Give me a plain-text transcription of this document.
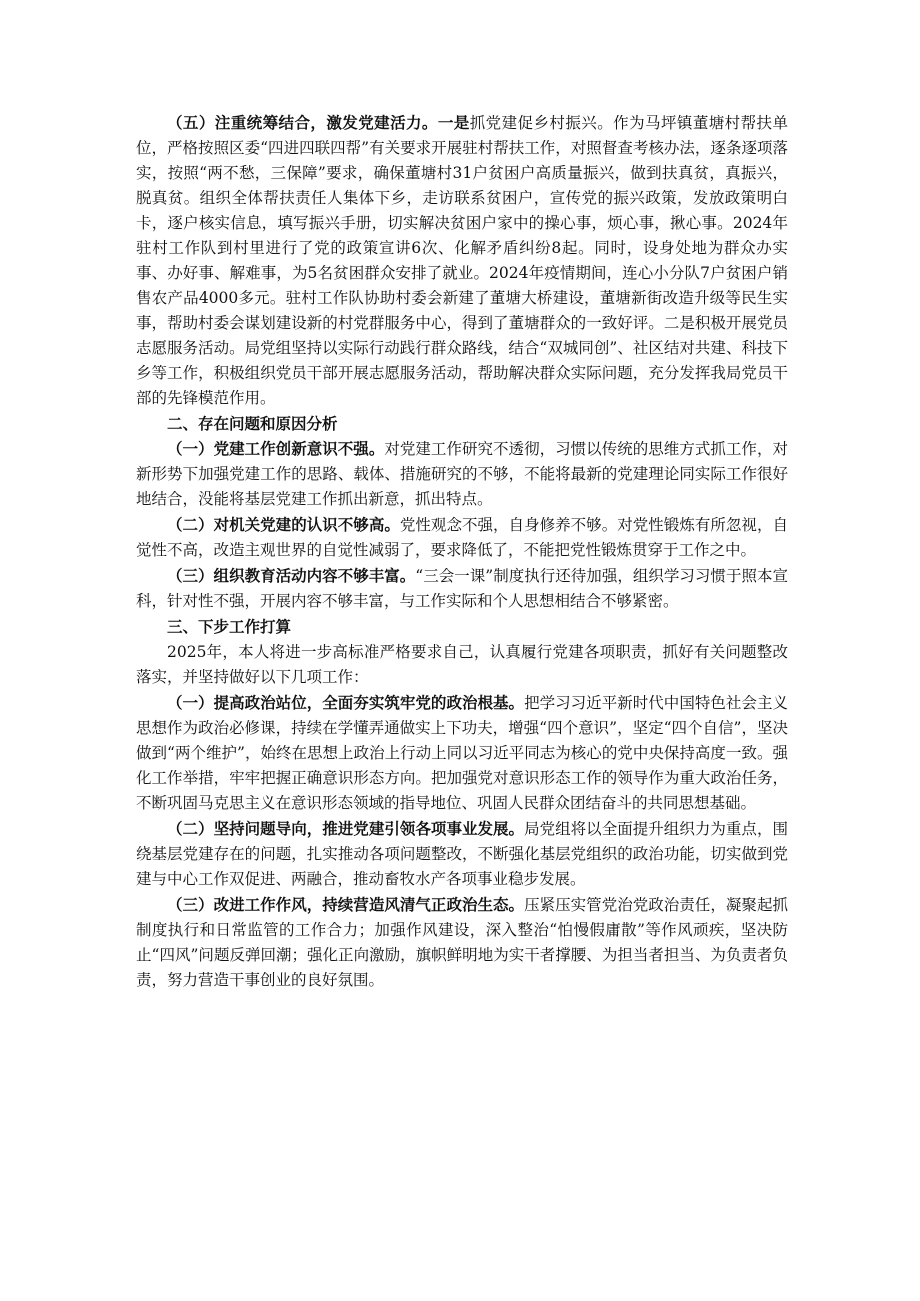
（五）注重统筹结合，激发党建活力。一是抓党建促乡村振兴。作为马坪镇董塘村帮扶单位，严格按照区委“四进四联四帮”有关要求开展驻村帮扶工作，对照督查考核办法，逐条逐项落实，按照“两不愁，三保障”要求，确保董塘村31户贫困户高质量振兴，做到扶真贫，真振兴，脱真贫。组织全体帮扶责任人集体下乡，走访联系贫困户，宣传党的振兴政策，发放政策明白卡，逐户核实信息，填写振兴手册，切实解决贫困户家中的操心事，烦心事，揪心事。2024年驻村工作队到村里进行了党的政策宣讲6次、化解矛盾纠纷8起。同时，设身处地为群众办实事、办好事、解难事，为5名贫困群众安排了就业。2024年疫情期间，连心小分队7户贫困户销售农产品4000多元。驻村工作队协助村委会新建了董塘大桥建设，董塘新街改造升级等民生实事，帮助村委会谋划建设新的村党群服务中心，得到了董塘群众的一致好评。二是积极开展党员志愿服务活动。局党组坚持以实际行动践行群众路线，结合“双城同创”、社区结对共建、科技下乡等工作，积极组织党员干部开展志愿服务活动，帮助解决群众实际问题，充分发挥我局党员干部的先锋模范作用。

二、存在问题和原因分析

（一）党建工作创新意识不强。对党建工作研究不透彻，习惯以传统的思维方式抓工作，对新形势下加强党建工作的思路、载体、措施研究的不够，不能将最新的党建理论同实际工作很好地结合，没能将基层党建工作抓出新意，抓出特点。

（二）对机关党建的认识不够高。党性观念不强，自身修养不够。对党性锻炼有所忽视，自觉性不高，改造主观世界的自觉性减弱了，要求降低了，不能把党性锻炼贯穿于工作之中。

（三）组织教育活动内容不够丰富。“三会一课”制度执行还待加强，组织学习习惯于照本宣科，针对性不强，开展内容不够丰富，与工作实际和个人思想相结合不够紧密。

三、下步工作打算

2025年，本人将进一步高标准严格要求自己，认真履行党建各项职责，抓好有关问题整改落实，并坚持做好以下几项工作：

（一）提高政治站位，全面夯实筑牢党的政治根基。把学习习近平新时代中国特色社会主义思想作为政治必修课，持续在学懂弄通做实上下功夫，增强“四个意识”，坚定“四个自信”，坚决做到“两个维护”，始终在思想上政治上行动上同以习近平同志为核心的党中央保持高度一致。强化工作举措，牢牢把握正确意识形态方向。把加强党对意识形态工作的领导作为重大政治任务，不断巩固马克思主义在意识形态领域的指导地位、巩固人民群众团结奋斗的共同思想基础。

（二）坚持问题导向，推进党建引领各项事业发展。局党组将以全面提升组织力为重点，围绕基层党建存在的问题，扎实推动各项问题整改，不断强化基层党组织的政治功能，切实做到党建与中心工作双促进、两融合，推动畜牧水产各项事业稳步发展。

（三）改进工作作风，持续营造风清气正政治生态。压紧压实管党治党政治责任，凝聚起抓制度执行和日常监管的工作合力；加强作风建设，深入整治“怕慢假庸散”等作风顽疾，坚决防止“四风”问题反弹回潮；强化正向激励，旗帜鲜明地为实干者撑腰、为担当者担当、为负责者负责，努力营造干事创业的良好氛围。
